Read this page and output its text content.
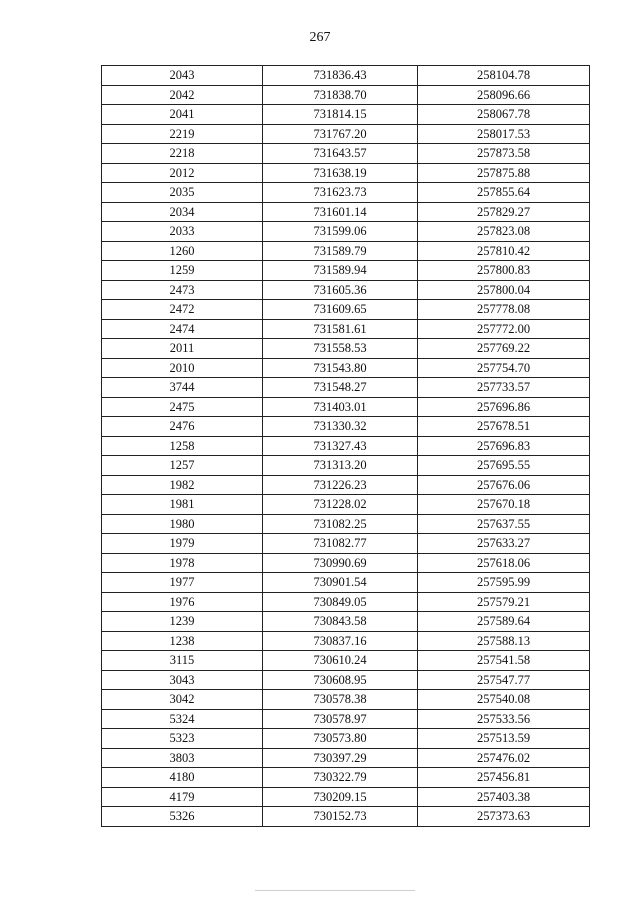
267
2043	731836.43	258104.78
2042	731838.70	258096.66
2041	731814.15	258067.78
2219	731767.20	258017.53
2218	731643.57	257873.58
2012	731638.19	257875.88
2035	731623.73	257855.64
2034	731601.14	257829.27
2033	731599.06	257823.08
1260	731589.79	257810.42
1259	731589.94	257800.83
2473	731605.36	257800.04
2472	731609.65	257778.08
2474	731581.61	257772.00
2011	731558.53	257769.22
2010	731543.80	257754.70
3744	731548.27	257733.57
2475	731403.01	257696.86
2476	731330.32	257678.51
1258	731327.43	257696.83
1257	731313.20	257695.55
1982	731226.23	257676.06
1981	731228.02	257670.18
1980	731082.25	257637.55
1979	731082.77	257633.27
1978	730990.69	257618.06
1977	730901.54	257595.99
1976	730849.05	257579.21
1239	730843.58	257589.64
1238	730837.16	257588.13
3115	730610.24	257541.58
3043	730608.95	257547.77
3042	730578.38	257540.08
5324	730578.97	257533.56
5323	730573.80	257513.59
3803	730397.29	257476.02
4180	730322.79	257456.81
4179	730209.15	257403.38
5326	730152.73	257373.63
